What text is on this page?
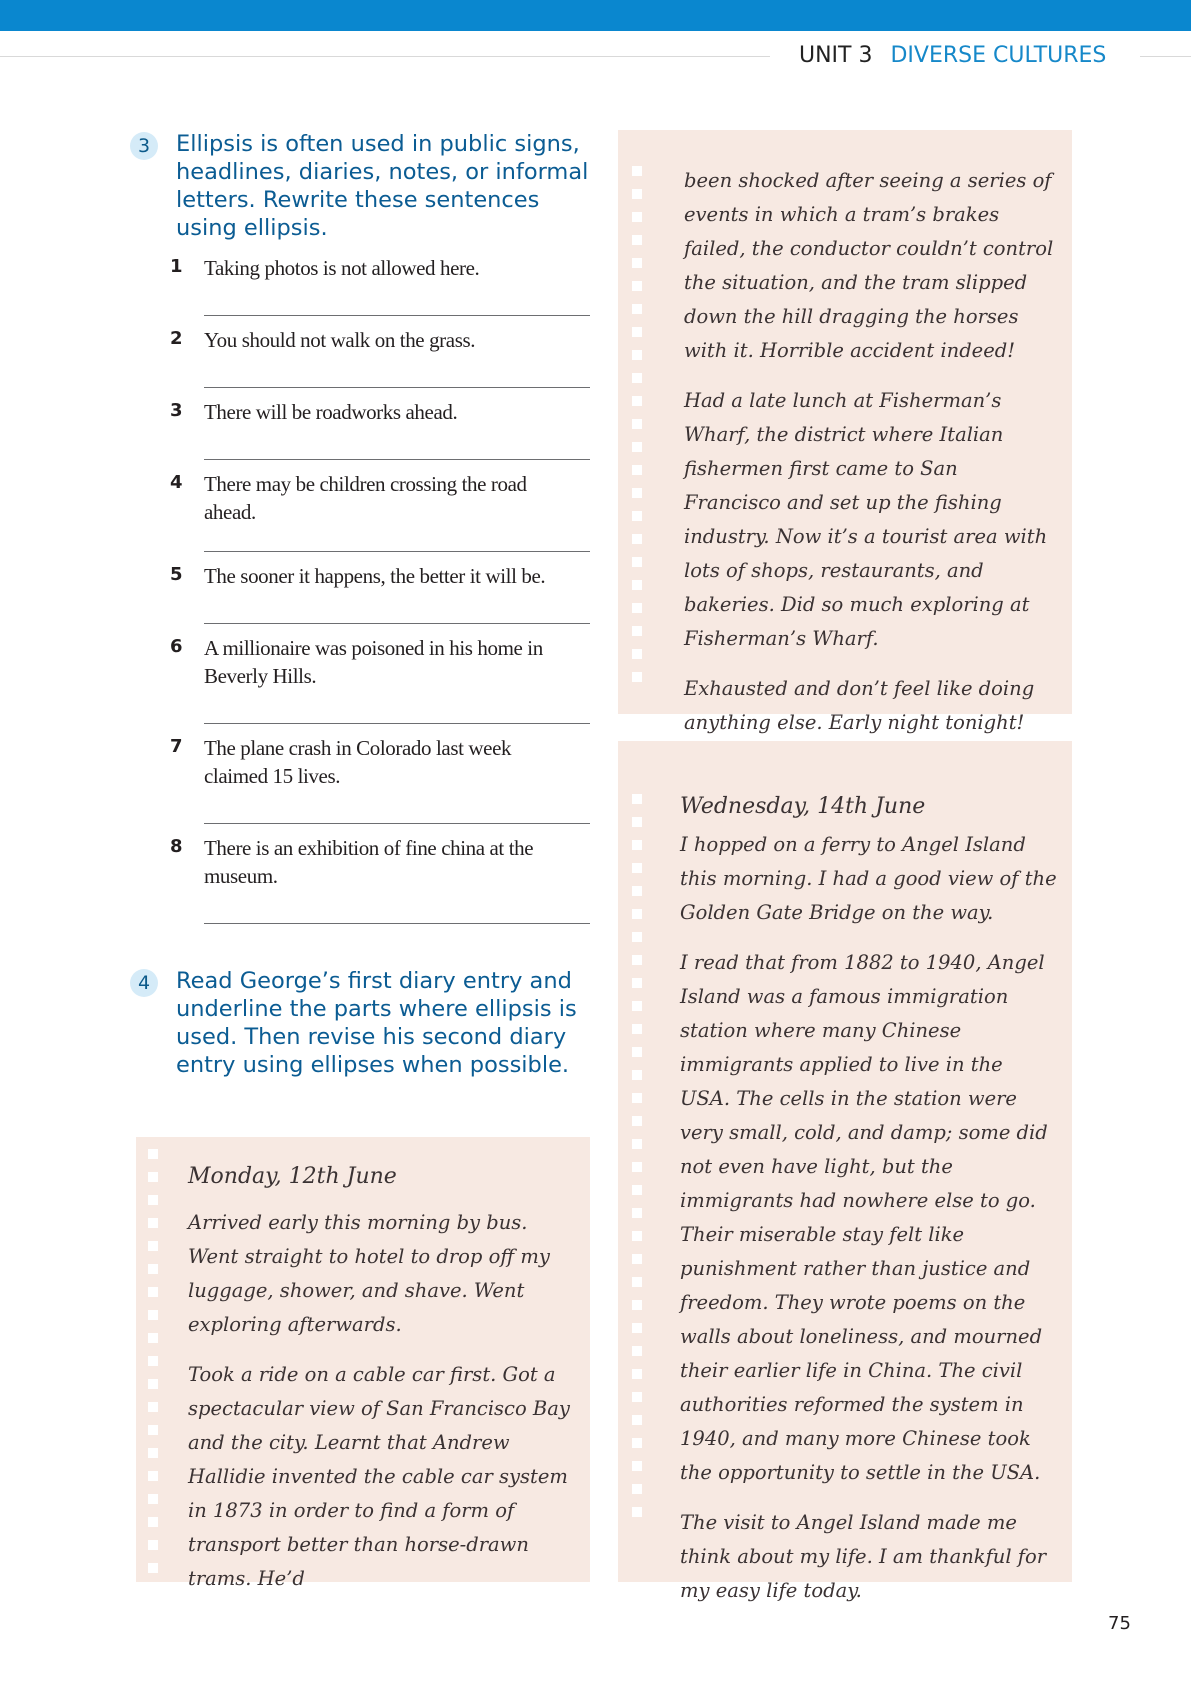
UNIT 3 DIVERSE CULTURES
3	Ellipsis is often used in public signs, headlines, diaries, notes, or informal letters. Rewrite these sentences using ellipsis.
1 Taking photos is not allowed here.
2 You should not walk on the grass.
3 There will be roadworks ahead.
4 There may be children crossing the road ahead.
5 The sooner it happens, the better it will be.
6 A millionaire was poisoned in his home in Beverly Hills.
7 The plane crash in Colorado last week claimed 15 lives.
8 There is an exhibition of fine china at the museum.
4	Read George’s first diary entry and underline the parts where ellipsis is used. Then revise his second diary entry using ellipses when possible.
Monday, 12th June
Arrived early this morning by bus. Went straight to hotel to drop off my luggage, shower, and shave. Went exploring afterwards.
Took a ride on a cable car first. Got a spectacular view of San Francisco Bay and the city. Learnt that Andrew Hallidie invented the cable car system in 1873 in order to find a form of transport better than horse-drawn trams. He’d
been shocked after seeing a series of events in which a tram’s brakes failed, the conductor couldn’t control the situation, and the tram slipped down the hill dragging the horses with it. Horrible accident indeed!
Had a late lunch at Fisherman’s Wharf, the district where Italian fishermen first came to San Francisco and set up the fishing industry. Now it’s a tourist area with lots of shops, restaurants, and bakeries. Did so much exploring at Fisherman’s Wharf.
Exhausted and don’t feel like doing anything else. Early night tonight!
Wednesday, 14th June
I hopped on a ferry to Angel Island this morning. I had a good view of the Golden Gate Bridge on the way.
I read that from 1882 to 1940, Angel Island was a famous immigration station where many Chinese immigrants applied to live in the USA. The cells in the station were very small, cold, and damp; some did not even have light, but the immigrants had nowhere else to go. Their miserable stay felt like punishment rather than justice and freedom. They wrote poems on the walls about loneliness, and mourned their earlier life in China. The civil authorities reformed the system in 1940, and many more Chinese took the opportunity to settle in the USA.
The visit to Angel Island made me think about my life. I am thankful for my easy life today.
75
